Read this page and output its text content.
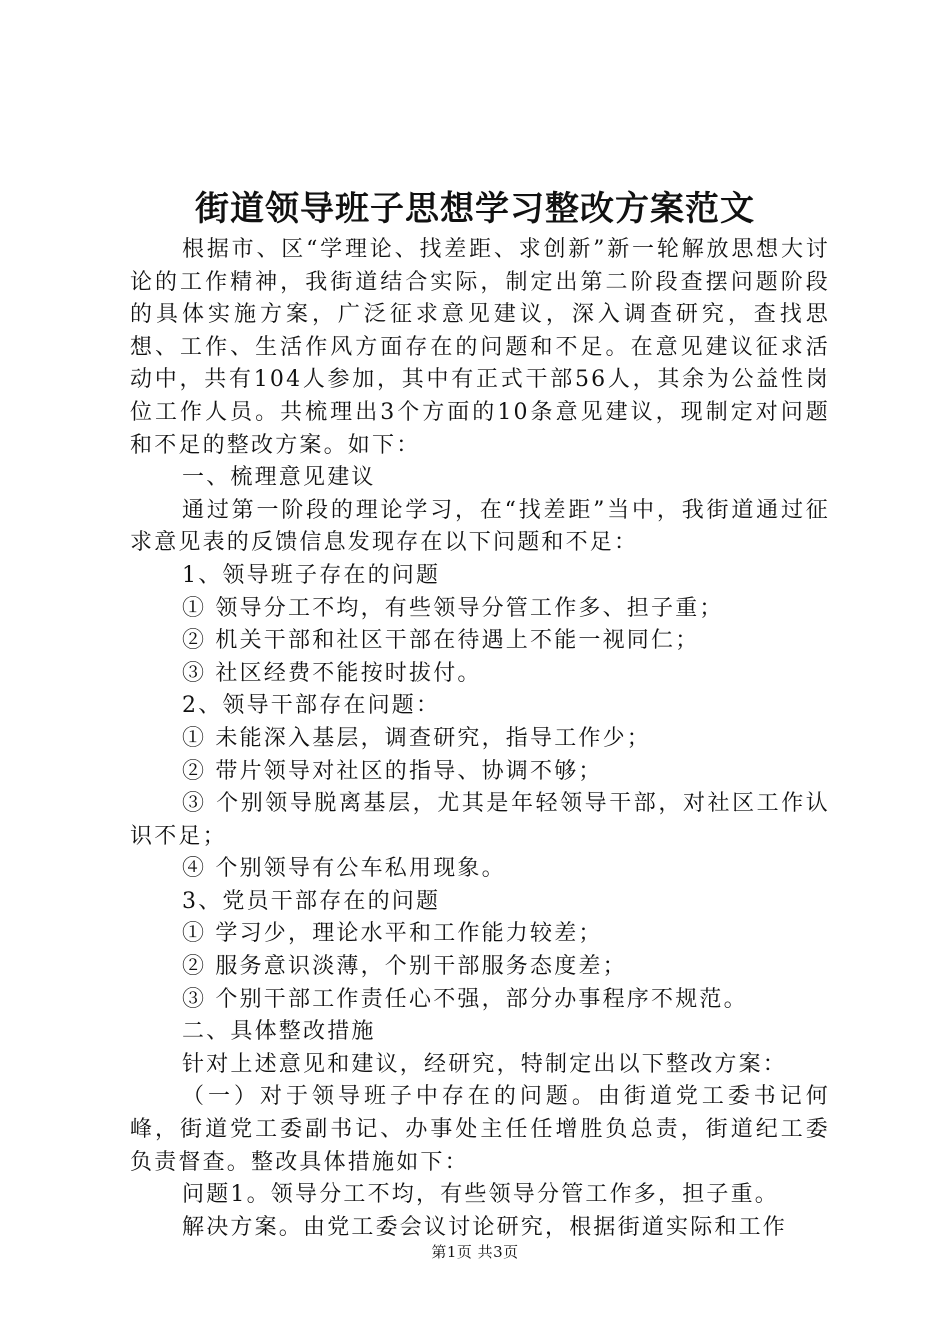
街道领导班子思想学习整改方案范文

根据市、区“学理论、找差距、求创新”新一轮解放思想大讨论的工作精神，我街道结合实际，制定出第二阶段查摆问题阶段的具体实施方案，广泛征求意见建议，深入调查研究，查找思想、工作、生活作风方面存在的问题和不足。在意见建议征求活动中，共有104人参加，其中有正式干部56人，其余为公益性岗位工作人员。共梳理出3个方面的10条意见建议，现制定对问题和不足的整改方案。如下：

一、梳理意见建议

通过第一阶段的理论学习，在“找差距”当中，我街道通过征求意见表的反馈信息发现存在以下问题和不足：

1、领导班子存在的问题

① 领导分工不均，有些领导分管工作多、担子重；

② 机关干部和社区干部在待遇上不能一视同仁；

③ 社区经费不能按时拔付。

2、领导干部存在问题：

① 未能深入基层，调查研究，指导工作少；

② 带片领导对社区的指导、协调不够；

③ 个别领导脱离基层，尤其是年轻领导干部，对社区工作认识不足；

④ 个别领导有公车私用现象。

3、党员干部存在的问题

① 学习少，理论水平和工作能力较差；

② 服务意识淡薄，个别干部服务态度差；

③ 个别干部工作责任心不强，部分办事程序不规范。

二、具体整改措施

针对上述意见和建议，经研究，特制定出以下整改方案：

（一）对于领导班子中存在的问题。由街道党工委书记何峰，街道党工委副书记、办事处主任任增胜负总责，街道纪工委负责督查。整改具体措施如下：

问题1。领导分工不均，有些领导分管工作多，担子重。

解决方案。由党工委会议讨论研究，根据街道实际和工作

第1页 共3页
